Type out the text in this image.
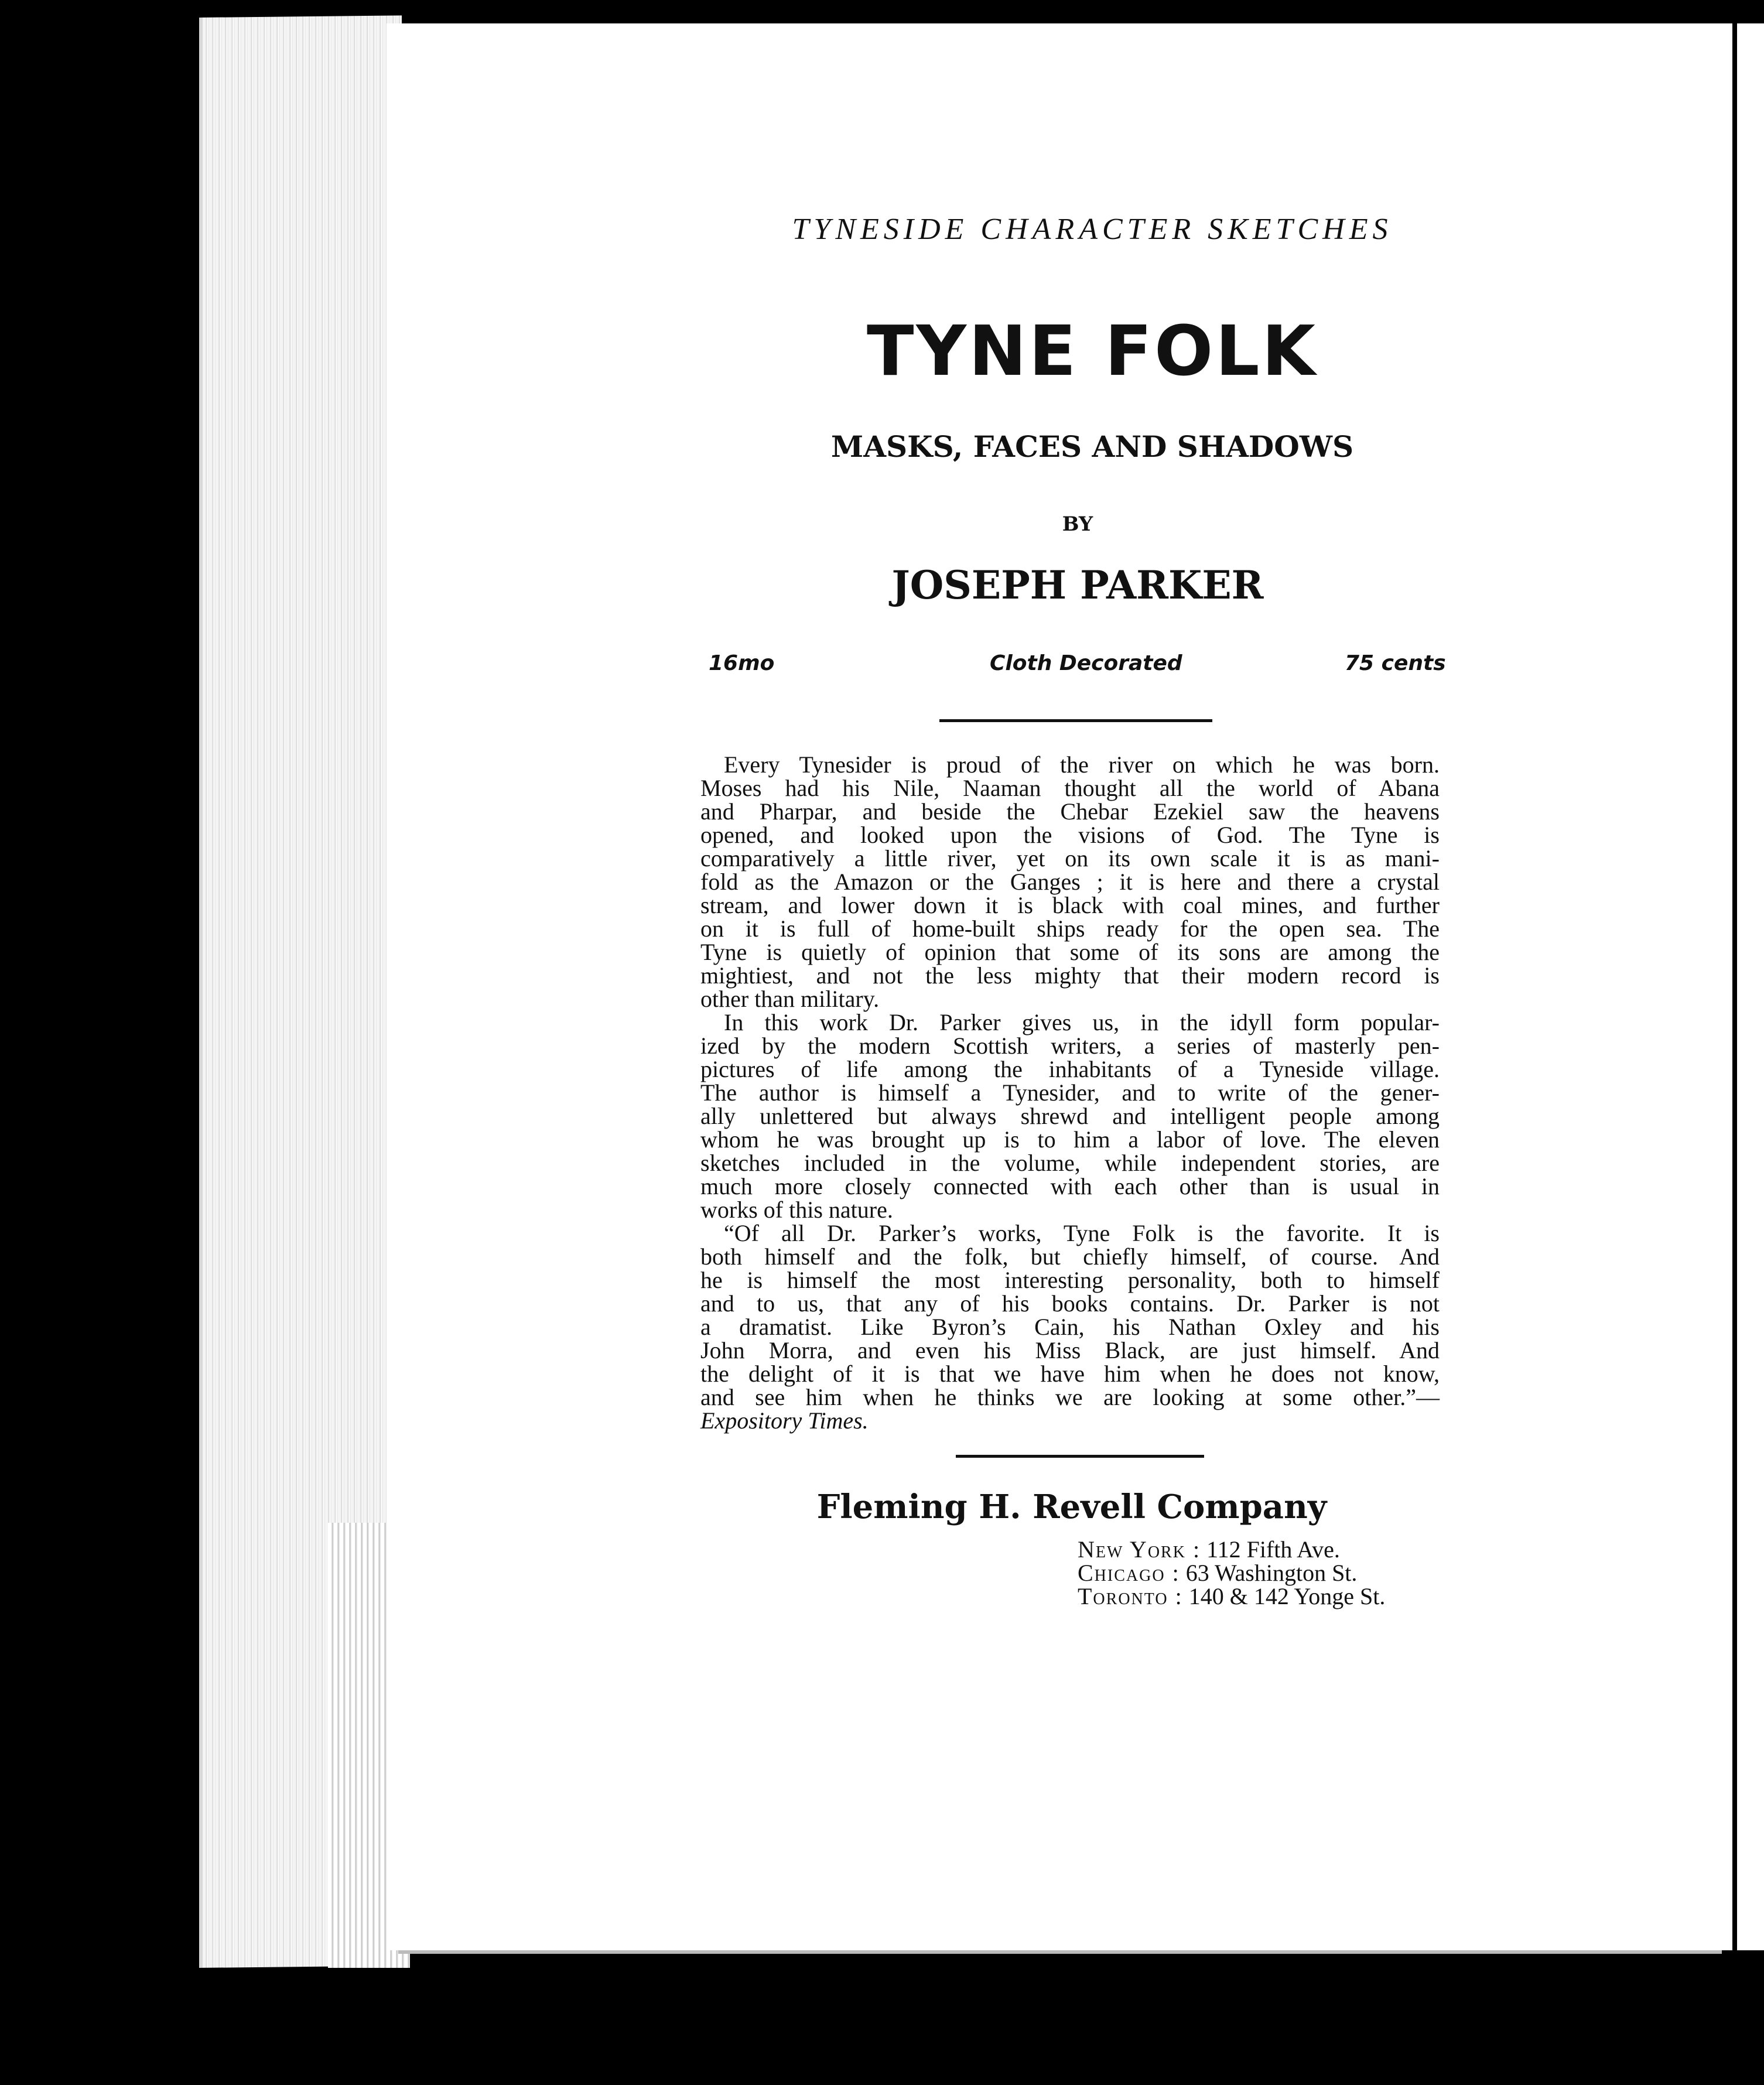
TYNESIDE CHARACTER SKETCHES
TYNE FOLK
MASKS, FACES AND SHADOWS
BY
JOSEPH PARKER
16mo	Cloth Decorated	75 cents
Every Tynesider is proud of the river on which he was born.
Moses had his Nile, Naaman thought all the world of Abana
and Pharpar, and beside the Chebar Ezekiel saw the heavens
opened, and looked upon the visions of God. The Tyne is
comparatively a little river, yet on its own scale it is as mani-
fold as the Amazon or the Ganges ; it is here and there a crystal
stream, and lower down it is black with coal mines, and further
on it is full of home-built ships ready for the open sea. The
Tyne is quietly of opinion that some of its sons are among the
mightiest, and not the less mighty that their modern record is
other than military.
In this work Dr. Parker gives us, in the idyll form popular-
ized by the modern Scottish writers, a series of masterly pen-
pictures of life among the inhabitants of a Tyneside village.
The author is himself a Tynesider, and to write of the gener-
ally unlettered but always shrewd and intelligent people among
whom he was brought up is to him a labor of love. The eleven
sketches included in the volume, while independent stories, are
much more closely connected with each other than is usual in
works of this nature.
“Of all Dr. Parker’s works, Tyne Folk is the favorite. It is
both himself and the folk, but chiefly himself, of course. And
he is himself the most interesting personality, both to himself
and to us, that any of his books contains. Dr. Parker is not
a dramatist. Like Byron’s Cain, his Nathan Oxley and his
John Morra, and even his Miss Black, are just himself. And
the delight of it is that we have him when he does not know,
and see him when he thinks we are looking at some other.”—
Expository Times.
Fleming H. Revell Company
New York : 112 Fifth Ave.
Chicago : 63 Washington St.
Toronto : 140 & 142 Yonge St.
